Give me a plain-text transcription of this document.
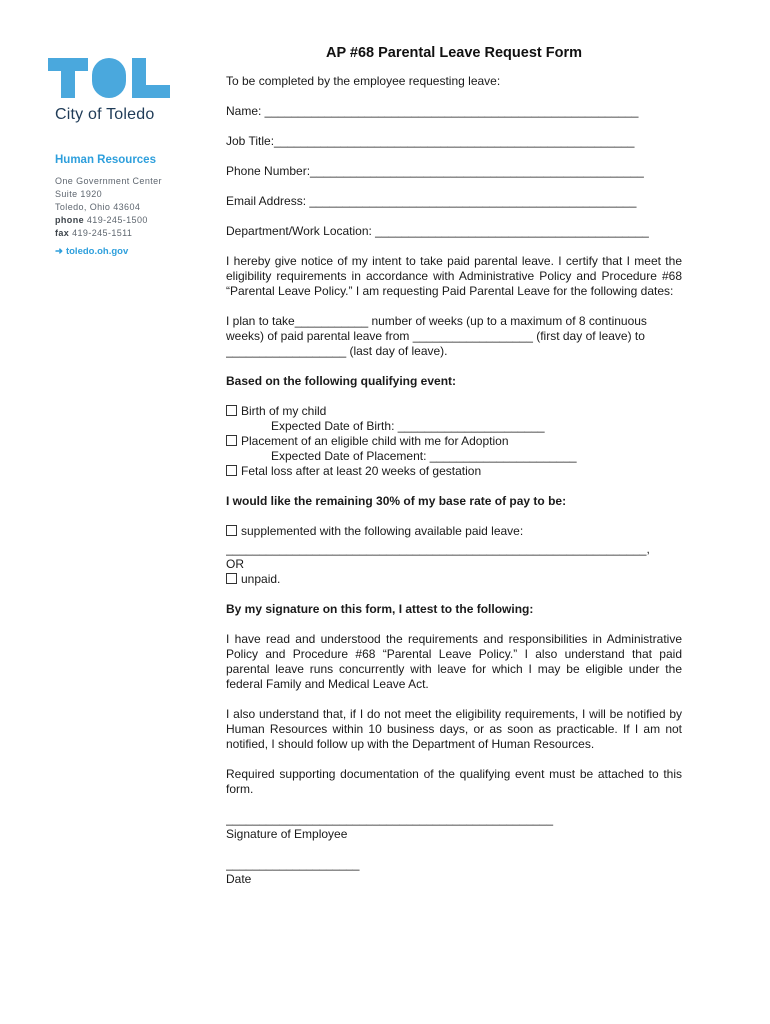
City of Toledo
Human Resources
One Government Center
Suite 1920
Toledo, Ohio 43604
phone 419-245-1500
fax 419-245-1511
➜ toledo.oh.gov
AP #68 Parental Leave Request Form
To be completed by the employee requesting leave:
Name: ________________________________________________________
Job Title:______________________________________________________
Phone Number:__________________________________________________
Email Address: _________________________________________________
Department/Work Location: _________________________________________

I hereby give notice of my intent to take paid parental leave. I certify that I meet the eligibility requirements in accordance with Administrative Policy and Procedure #68 “Parental Leave Policy.” I am requesting Paid Parental Leave for the following dates:

I plan to take___________ number of weeks (up to a maximum of 8 continuous
weeks) of paid parental leave from __________________ (first day of leave) to
__________________ (last day of leave).
Based on the following qualifying event:
Birth of my child
Expected Date of Birth: ______________________
Placement of an eligible child with me for Adoption
Expected Date of Placement: ______________________
Fetal loss after at least 20 weeks of gestation
I would like the remaining 30% of my base rate of pay to be:
supplemented with the following available paid leave:
_______________________________________________________________,
OR
unpaid.
By my signature on this form, I attest to the following:

I have read and understood the requirements and responsibilities in Administrative Policy and Procedure #68 “Parental Leave Policy.” I also understand that paid parental leave runs concurrently with leave for which I may be eligible under the federal Family and Medical Leave Act.

I also understand that, if I do not meet the eligibility requirements, I will be notified by Human Resources within 10 business days, or as soon as practicable. If I am not notified, I should follow up with the Department of Human Resources.

Required supporting documentation of the qualifying event must be attached to this form.

_________________________________________________
Signature of Employee
____________________
Date
